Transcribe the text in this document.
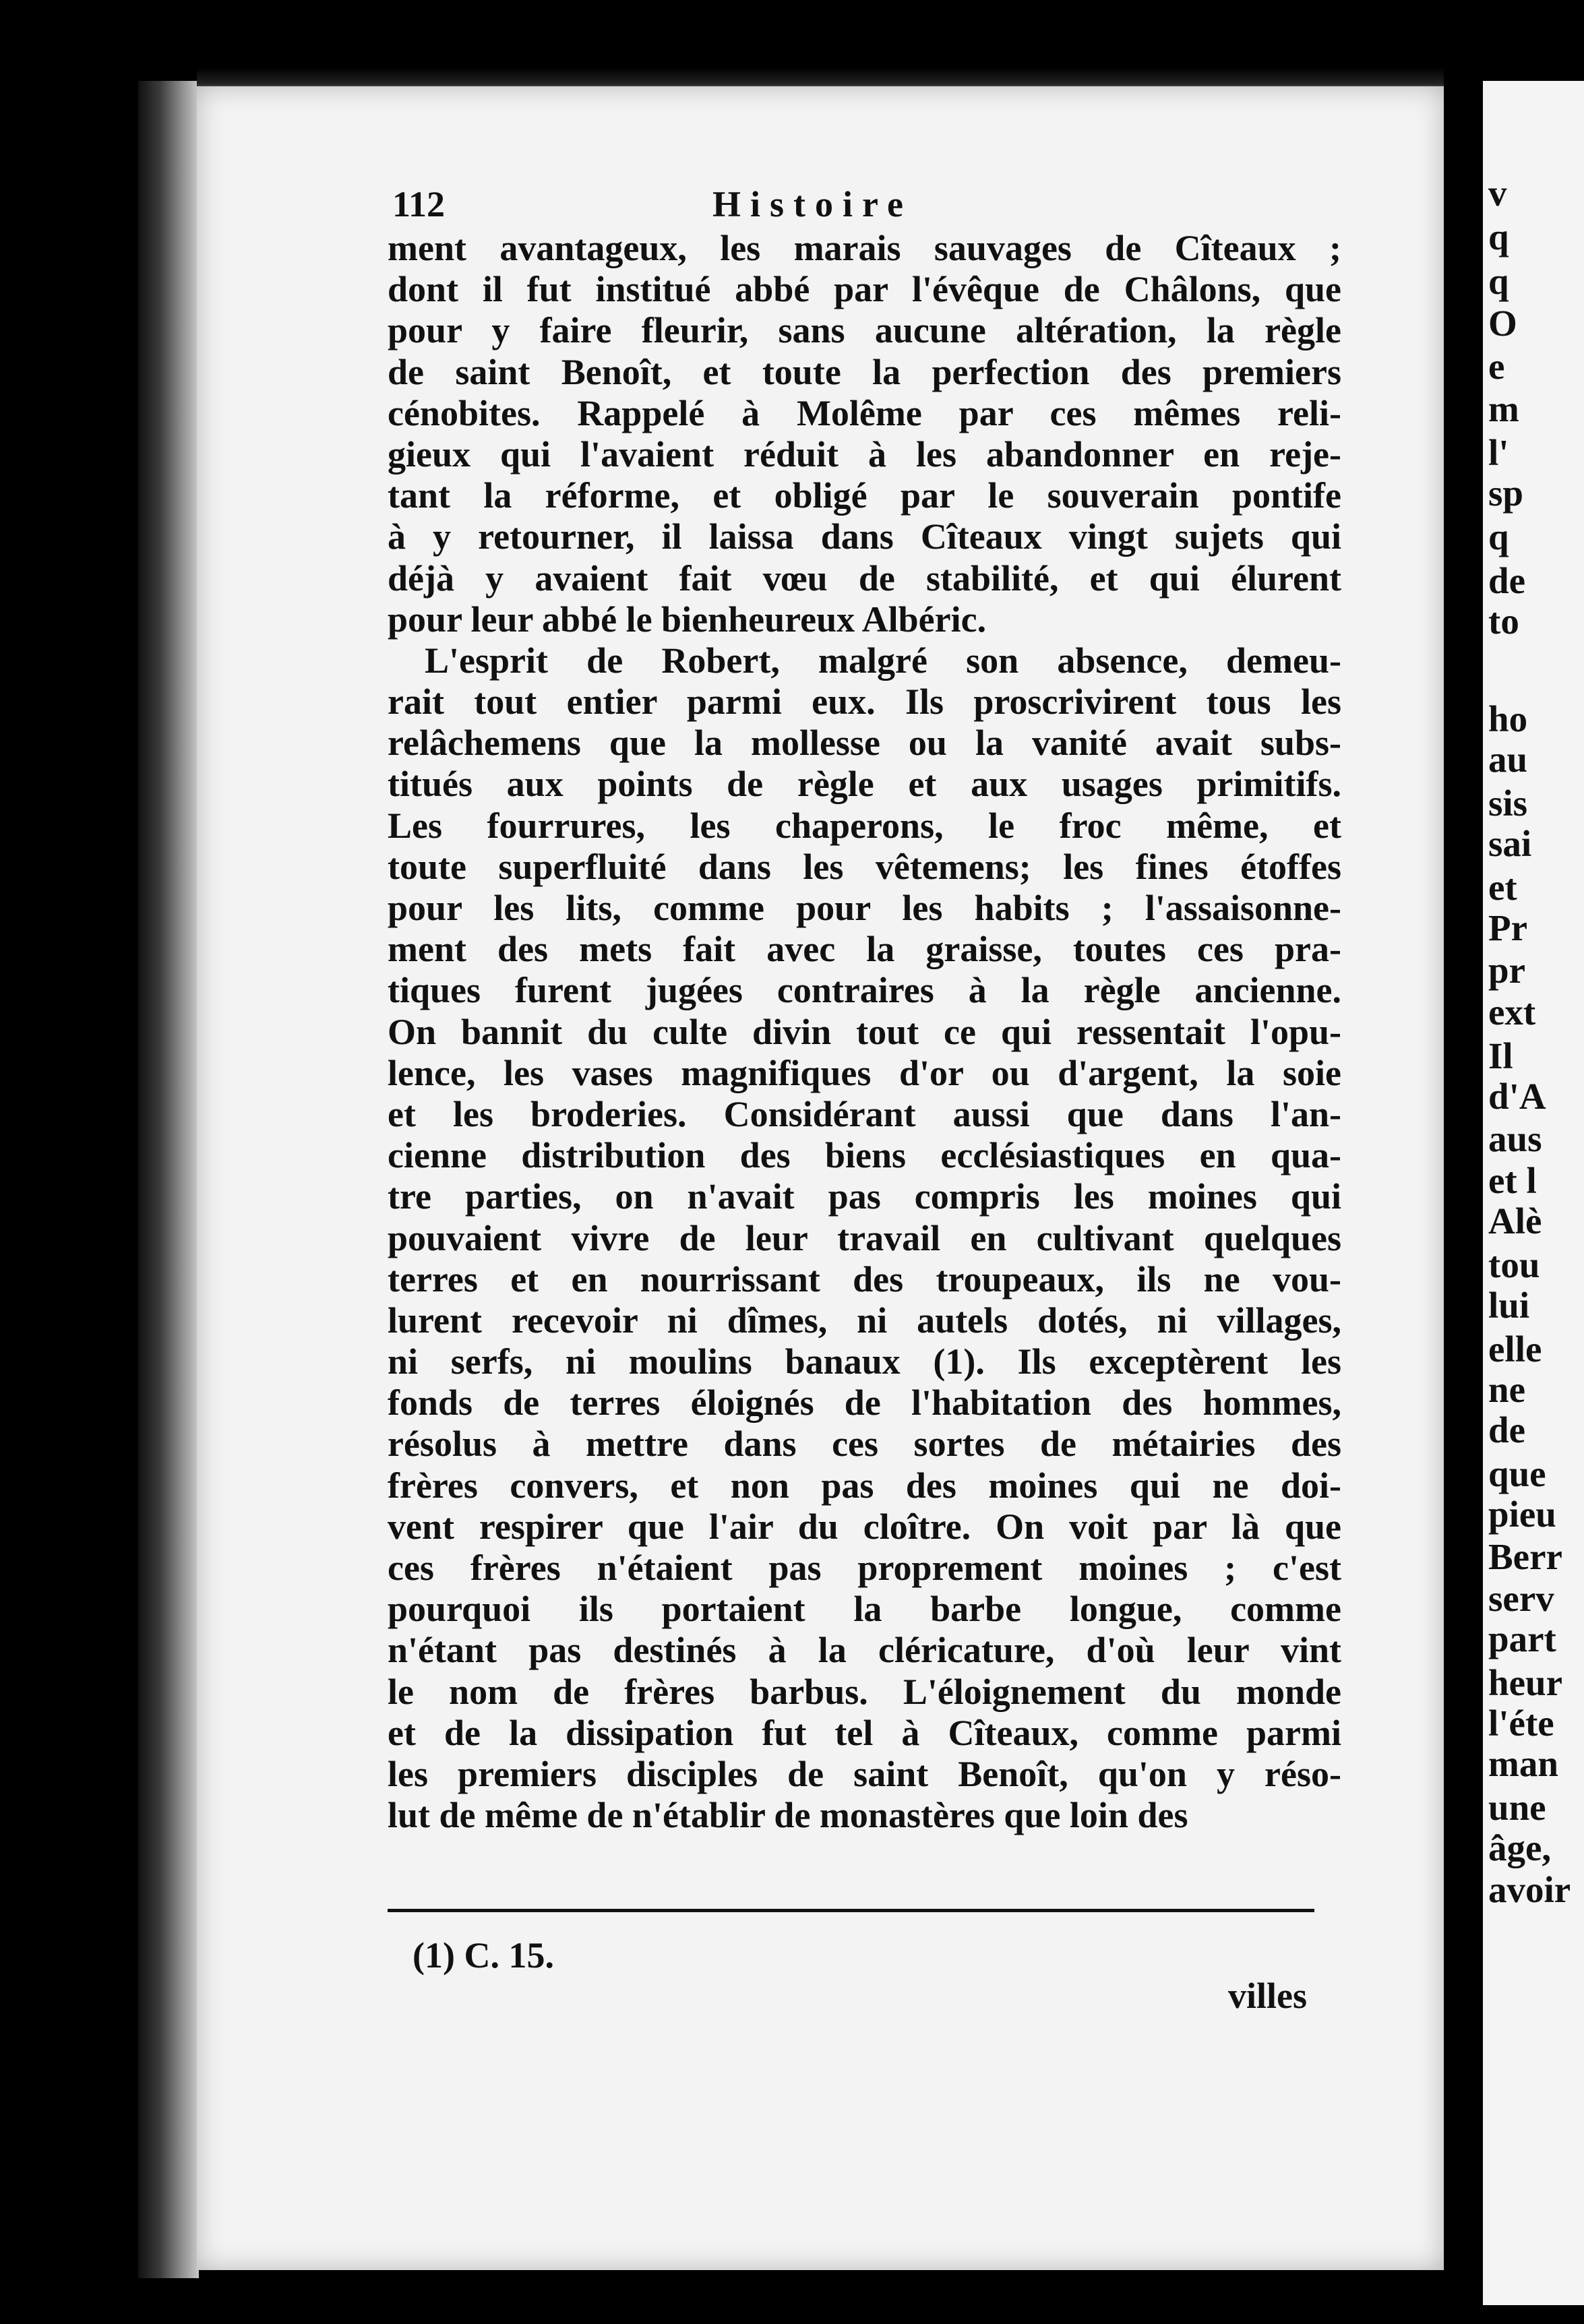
v
q
q
O
e
m
l'
sp
q
de
to
ho
au
sis
sai
et
Pr
pr
ext
Il
d'A
aus
et l
Alè
tou
lui
elle
ne
de
que
pieu
Berr
serv
part
heur
l'éte
man
une
âge,
avoir
112	Histoire
ment avantageux, les marais sauvages de Cîteaux ;
dont il fut institué abbé par l'évêque de Châlons, que
pour y faire fleurir, sans aucune altération, la règle
de saint Benoît, et toute la perfection des premiers
cénobites. Rappelé à Molême par ces mêmes reli-
gieux qui l'avaient réduit à les abandonner en reje-
tant la réforme, et obligé par le souverain pontife
à y retourner, il laissa dans Cîteaux vingt sujets qui
déjà y avaient fait vœu de stabilité, et qui élurent
pour leur abbé le bienheureux Albéric.
L'esprit de Robert, malgré son absence, demeu-
rait tout entier parmi eux. Ils proscrivirent tous les
relâchemens que la mollesse ou la vanité avait subs-
titués aux points de règle et aux usages primitifs.
Les fourrures, les chaperons, le froc même, et
toute superfluité dans les vêtemens; les fines étoffes
pour les lits, comme pour les habits ; l'assaisonne-
ment des mets fait avec la graisse, toutes ces pra-
tiques furent jugées contraires à la règle ancienne.
On bannit du culte divin tout ce qui ressentait l'opu-
lence, les vases magnifiques d'or ou d'argent, la soie
et les broderies. Considérant aussi que dans l'an-
cienne distribution des biens ecclésiastiques en qua-
tre parties, on n'avait pas compris les moines qui
pouvaient vivre de leur travail en cultivant quelques
terres et en nourrissant des troupeaux, ils ne vou-
lurent recevoir ni dîmes, ni autels dotés, ni villages,
ni serfs, ni moulins banaux (1). Ils exceptèrent les
fonds de terres éloignés de l'habitation des hommes,
résolus à mettre dans ces sortes de métairies des
frères convers, et non pas des moines qui ne doi-
vent respirer que l'air du cloître. On voit par là que
ces frères n'étaient pas proprement moines ; c'est
pourquoi ils portaient la barbe longue, comme
n'étant pas destinés à la cléricature, d'où leur vint
le nom de frères barbus. L'éloignement du monde
et de la dissipation fut tel à Cîteaux, comme parmi
les premiers disciples de saint Benoît, qu'on y réso-
lut de même de n'établir de monastères que loin des
(1) C. 15.
villes
